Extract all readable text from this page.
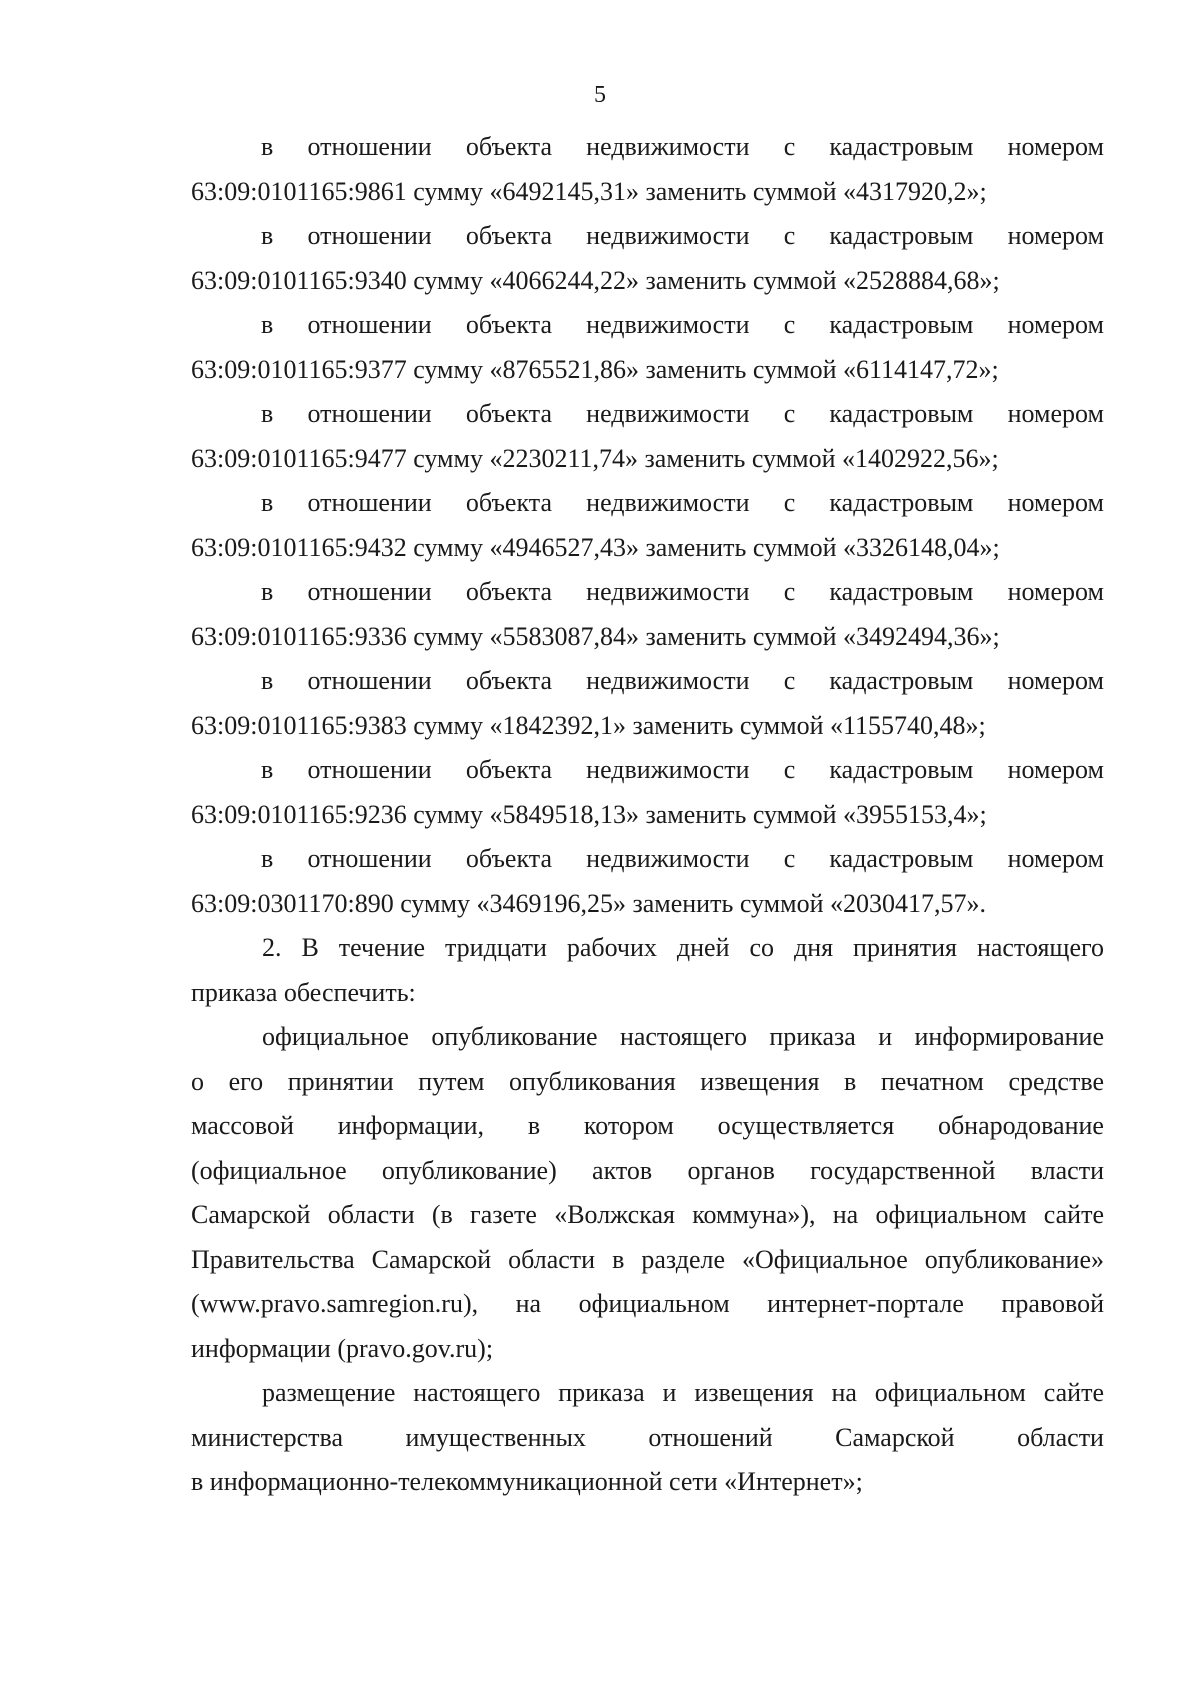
5
в отношении объекта недвижимости с кадастровым номером
63:09:0101165:9861 сумму «6492145,31» заменить суммой «4317920,2»;
в отношении объекта недвижимости с кадастровым номером
63:09:0101165:9340 сумму «4066244,22» заменить суммой «2528884,68»;
в отношении объекта недвижимости с кадастровым номером
63:09:0101165:9377 сумму «8765521,86» заменить суммой «6114147,72»;
в отношении объекта недвижимости с кадастровым номером
63:09:0101165:9477 сумму «2230211,74» заменить суммой «1402922,56»;
в отношении объекта недвижимости с кадастровым номером
63:09:0101165:9432 сумму «4946527,43» заменить суммой «3326148,04»;
в отношении объекта недвижимости с кадастровым номером
63:09:0101165:9336 сумму «5583087,84» заменить суммой «3492494,36»;
в отношении объекта недвижимости с кадастровым номером
63:09:0101165:9383 сумму «1842392,1» заменить суммой «1155740,48»;
в отношении объекта недвижимости с кадастровым номером
63:09:0101165:9236 сумму «5849518,13» заменить суммой «3955153,4»;
в отношении объекта недвижимости с кадастровым номером
63:09:0301170:890 сумму «3469196,25» заменить суммой «2030417,57».
2. В течение тридцати рабочих дней со дня принятия настоящего
приказа обеспечить:
официальное опубликование настоящего приказа и информирование
о его принятии путем опубликования извещения в печатном средстве
массовой информации, в котором осуществляется обнародование
(официальное опубликование) актов органов государственной власти
Самарской области (в газете «Волжская коммуна»), на официальном сайте
Правительства Самарской области в разделе «Официальное опубликование»
(www.pravo.samregion.ru), на официальном интернет-портале правовой
информации (pravo.gov.ru);
размещение настоящего приказа и извещения на официальном сайте
министерства имущественных отношений Самарской области
в информационно-телекоммуникационной сети «Интернет»;
